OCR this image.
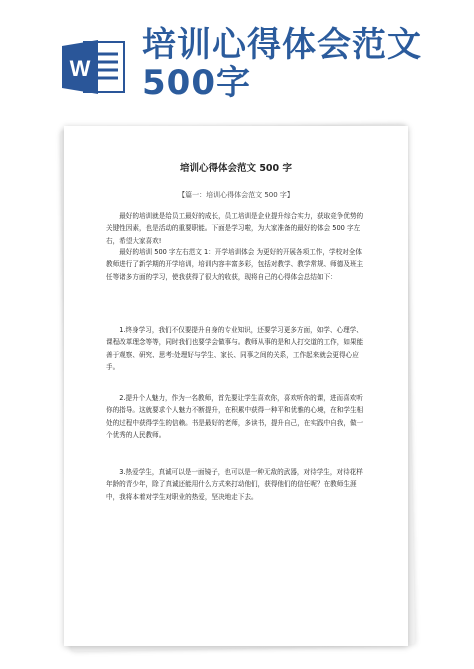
W
培训心得体会范文
500字
培训心得体会范文 500 字
【篇一：培训心得体会范文 500 字】

最好的培训就是给员工最好的成长，员工培训是企业提升综合实力，获取竞争优势的关键性因素，也是活动的重要职能。下面是学习啦，为大家准备的最好的体会 500 字左右，希望大家喜欢!

最好的培训 500 字左右范文 1：开学培训体会 为更好的开展各项工作，学校对全体教师进行了新学期的开学培训，培训内容丰富多彩，包括对教学、教学常规、师德及班主任等诸多方面的学习，使我获得了很大的收获，现将自己的心得体会总结如下：

1.终身学习，我们不仅要提升自身的专业知识，还要学习更多方面，如学、心理学、课程改革理念等等，同时我们也要学会做事与。教师从事的是和人打交道的工作，如果能善于观察、研究、思考:处理好与学生、家长、同事之间的关系，工作起来就会更得心应手。

2.提升个人魅力，作为一名教师，首先要让学生喜欢你，喜欢听你的课，进而喜欢听你的指导。这就要求个人魅力不断提升，在积累中获得一种平和优雅的心境，在和学生相处的过程中获得学生的信赖。书是最好的老师，多读书，提升自己，在实践中自我，做一个优秀的人民教师。

3.热爱学生，真诚可以是一面镜子，也可以是一种无敌的武器，对待学生，对待花样年龄的青少年，除了真诚还能用什么方式来打动他们，获得他们的信任呢？在教师生涯中，我将本着对学生对职业的热爱，坚决地走下去。
